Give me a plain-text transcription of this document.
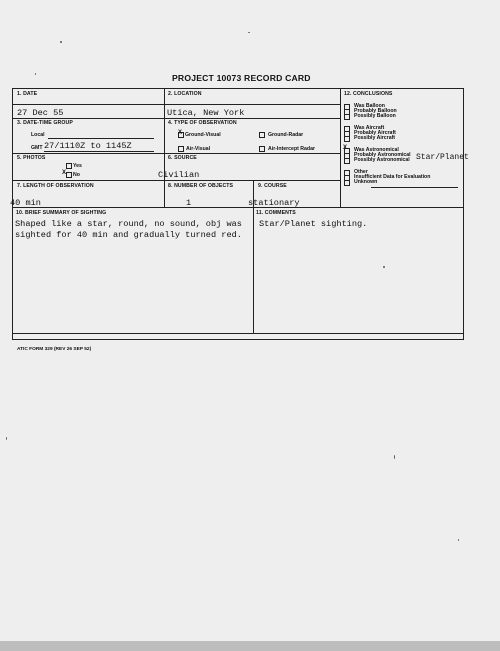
PROJECT 10073 RECORD CARD
1. DATE
27 Dec 55
2. LOCATION
Utica, New York
3. DATE-TIME GROUP
Local
GMT 27/1110Z to 1145Z
4. TYPE OF OBSERVATION
X Ground-Visual	Ground-Radar
Air-Visual	Air-Intercept Radar
5. PHOTOS
Yes
X No
6. SOURCE
Civilian
7. LENGTH OF OBSERVATION
40 min
8. NUMBER OF OBJECTS
1
9. COURSE
stationary
10. BRIEF SUMMARY OF SIGHTING
Shaped like a star, round, no sound, obj was
sighted for 40 min and gradually turned red.
11. COMMENTS
Star/Planet sighting.
12. CONCLUSIONS
Was Balloon
Probably Balloon
Possibly Balloon
Was Aircraft
Probably Aircraft
Possibly Aircraft
Was Astronomical
X
Probably Astronomical
Possibly Astronomical
Other
Insufficient Data for Evaluation
Unknown
Star/Planet
ATIC FORM 329 (REV 26 SEP 52)
